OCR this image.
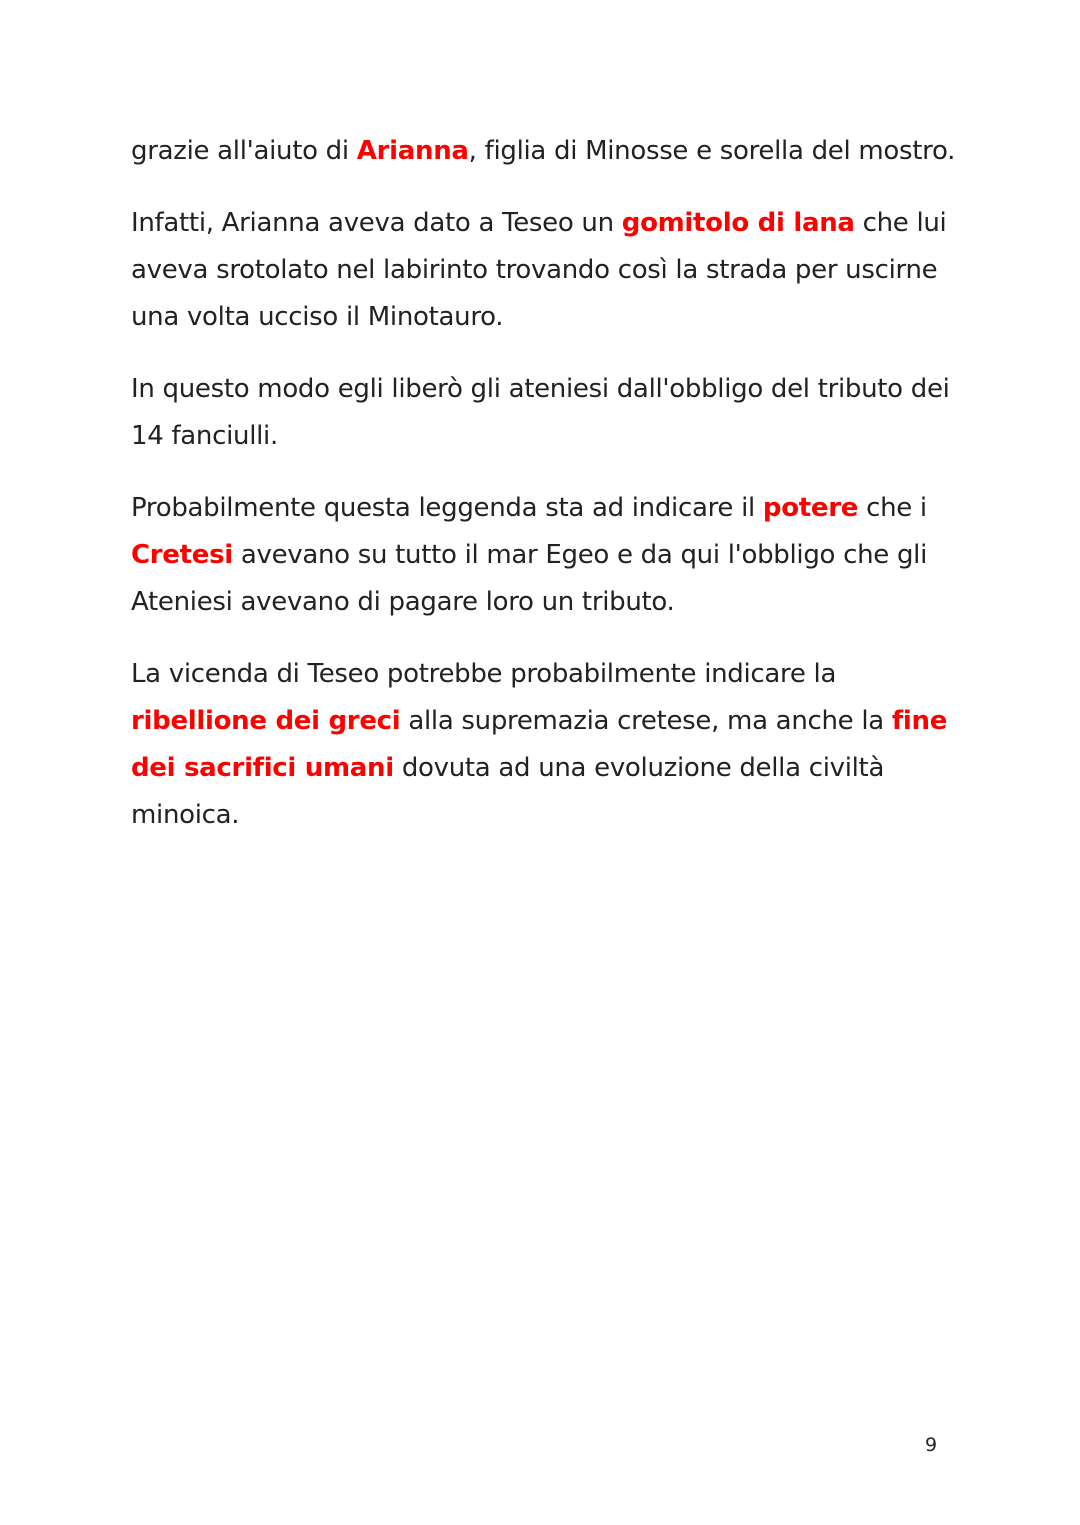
grazie all'aiuto di Arianna, figlia di Minosse e sorella del mostro.

Infatti, Arianna aveva dato a Teseo un gomitolo di lana che lui aveva srotolato nel labirinto trovando così la strada per uscirne una volta ucciso il Minotauro.

In questo modo egli liberò gli ateniesi dall'obbligo del tributo dei 14 fanciulli.

Probabilmente questa leggenda sta ad indicare il potere che i Cretesi avevano su tutto il mar Egeo e da qui l'obbligo che gli Ateniesi avevano di pagare loro un tributo.

La vicenda di Teseo potrebbe probabilmente indicare la ribellione dei greci alla supremazia cretese, ma anche la fine dei sacrifici umani dovuta ad una evoluzione della civiltà minoica.

9
